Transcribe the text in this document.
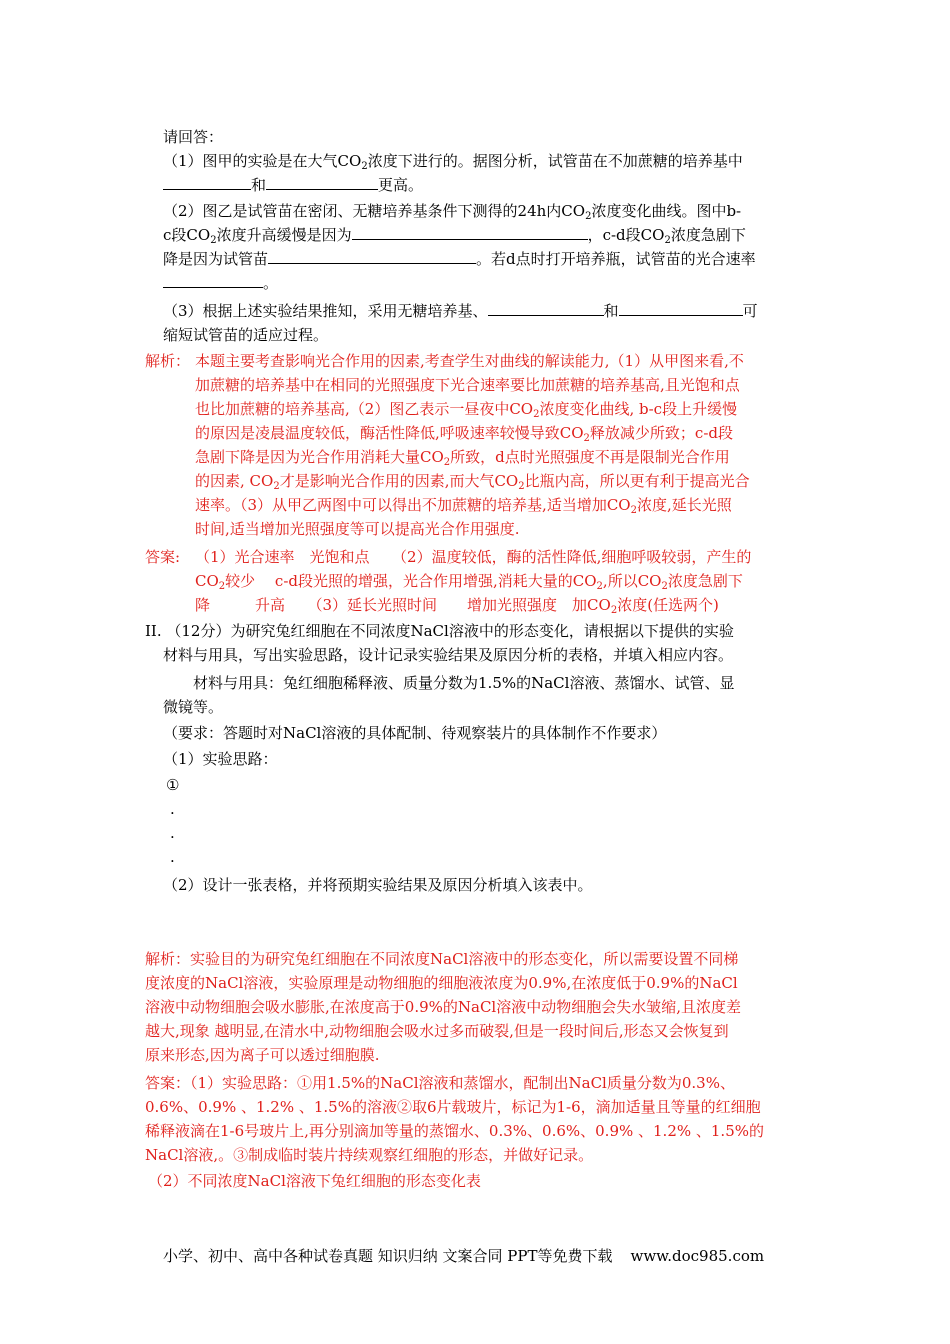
请回答：
（1）图甲的实验是在大气$CO_2$浓度下进行的。据图分析，试管苗在不加蔗糖的培养基中
和	更高。
（2）图乙是试管苗在密闭、无糖培养基条件下测得的24h内$CO_2$浓度变化曲线。图中b-
c段$CO_2$浓度升高缓慢是因为	，c-d段$CO_2$浓度急剧下
降是因为试管苗	。若d点时打开培养瓶，试管苗的光合速率
。
（3）根据上述实验结果推知，采用无糖培养基、	和	可
缩短试管苗的适应过程。
解析： 本题主要考查影响光合作用的因素,考查学生对曲线的解读能力,（1）从甲图来看,不
加蔗糖的培养基中在相同的光照强度下光合速率要比加蔗糖的培养基高,且光饱和点
也比加蔗糖的培养基高,（2）图乙表示一昼夜中$CO_2$浓度变化曲线, b-c段上升缓慢
的原因是凌晨温度较低，酶活性降低,呼吸速率较慢导致$CO_2$释放减少所致；c-d段
急剧下降是因为光合作用消耗大量$CO_2$所致，d点时光照强度不再是限制光合作用
的因素, $CO_2$才是影响光合作用的因素,而大气$CO_2$比瓶内高，所以更有利于提高光合
速率。（3）从甲乙两图中可以得出不加蔗糖的培养基,适当增加$CO_2$浓度,延长光照
时间,适当增加光照强度等可以提高光合作用强度.
答案: （1）光合速率　光饱和点　　（2）温度较低，酶的活性降低,细胞呼吸较弱，产生的
$CO_2$较少　 c-d段光照的增强，光合作用增强,消耗大量的$CO_2$,所以$CO_2$浓度急剧下
降　　　升高　　（3）延长光照时间　　增加光照强度　加$CO_2$浓度(任选两个)
II. （12分）为研究兔红细胞在不同浓度NaCl溶液中的形态变化，请根据以下提供的实验
材料与用具，写出实验思路，设计记录实验结果及原因分析的表格，并填入相应内容。
材料与用具：兔红细胞稀释液、质量分数为1.5%的NaCl溶液、蒸馏水、试管、显
微镜等。
（要求：答题时对NaCl溶液的具体配制、待观察装片的具体制作不作要求）
（1）实验思路：
①
.
.
.
（2）设计一张表格，并将预期实验结果及原因分析填入该表中。
解析：实验目的为研究兔红细胞在不同浓度NaCl溶液中的形态变化，所以需要设置不同梯
度浓度的NaCl溶液，实验原理是动物细胞的细胞液浓度为0.9%,在浓度低于0.9%的NaCl
溶液中动物细胞会吸水膨胀,在浓度高于0.9%的NaCl溶液中动物细胞会失水皱缩,且浓度差
越大,现象 越明显,在清水中,动物细胞会吸水过多而破裂,但是一段时间后,形态又会恢复到
原来形态,因为离子可以透过细胞膜.
答案：（1）实验思路：①用1.5%的NaCl溶液和蒸馏水，配制出NaCl质量分数为0.3%、
0.6%、0.9% 、1.2% 、1.5%的溶液②取6片载玻片，标记为1-6，滴加适量且等量的红细胞
稀释液滴在1-6号玻片上,再分别滴加等量的蒸馏水、0.3%、0.6%、0.9% 、1.2% 、1.5%的
NaCl溶液,。③制成临时装片持续观察红细胞的形态，并做好记录。
（2）不同浓度NaCl溶液下兔红细胞的形态变化表
小学、初中、高中各种试卷真题 知识归纳 文案合同 PPT等免费下载 www.doc985.com
